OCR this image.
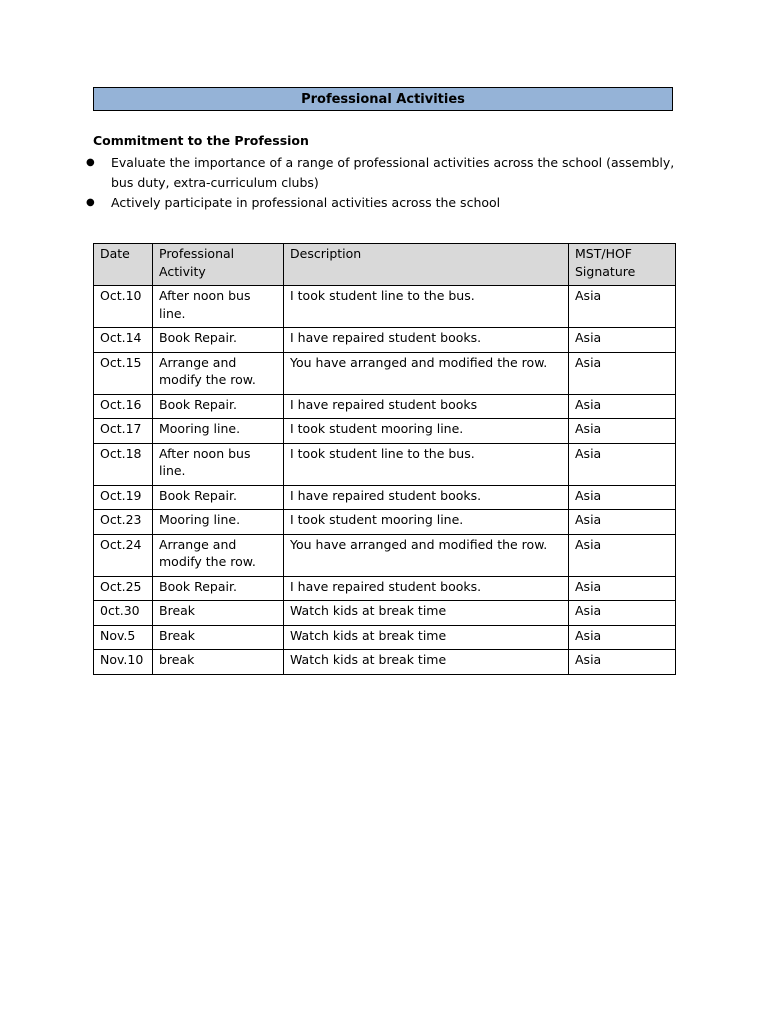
Professional Activities
Commitment to the Profession
● Evaluate the importance of a range of professional activities across the school (assembly, bus duty, extra-curriculum clubs)
● Actively participate in professional activities across the school
Date	Professional Activity	Description	MST/HOF Signature
Oct.10	After noon bus line.	I took student line to the bus.	Asia
Oct.14	Book Repair.	I have repaired student books.	Asia
Oct.15	Arrange and modify the row.	You have arranged and modified the row.	Asia
Oct.16	Book Repair.	I have repaired student books	Asia
Oct.17	Mooring line.	I took student mooring line.	Asia
Oct.18	After noon bus line.	I took student line to the bus.	Asia
Oct.19	Book Repair.	I have repaired student books.	Asia
Oct.23	Mooring line.	I took student mooring line.	Asia
Oct.24	Arrange and modify the row.	You have arranged and modified the row.	Asia
Oct.25	Book Repair.	I have repaired student books.	Asia
0ct.30	Break	Watch kids at break time	Asia
Nov.5	Break	Watch kids at break time	Asia
Nov.10	break	Watch kids at break time	Asia
